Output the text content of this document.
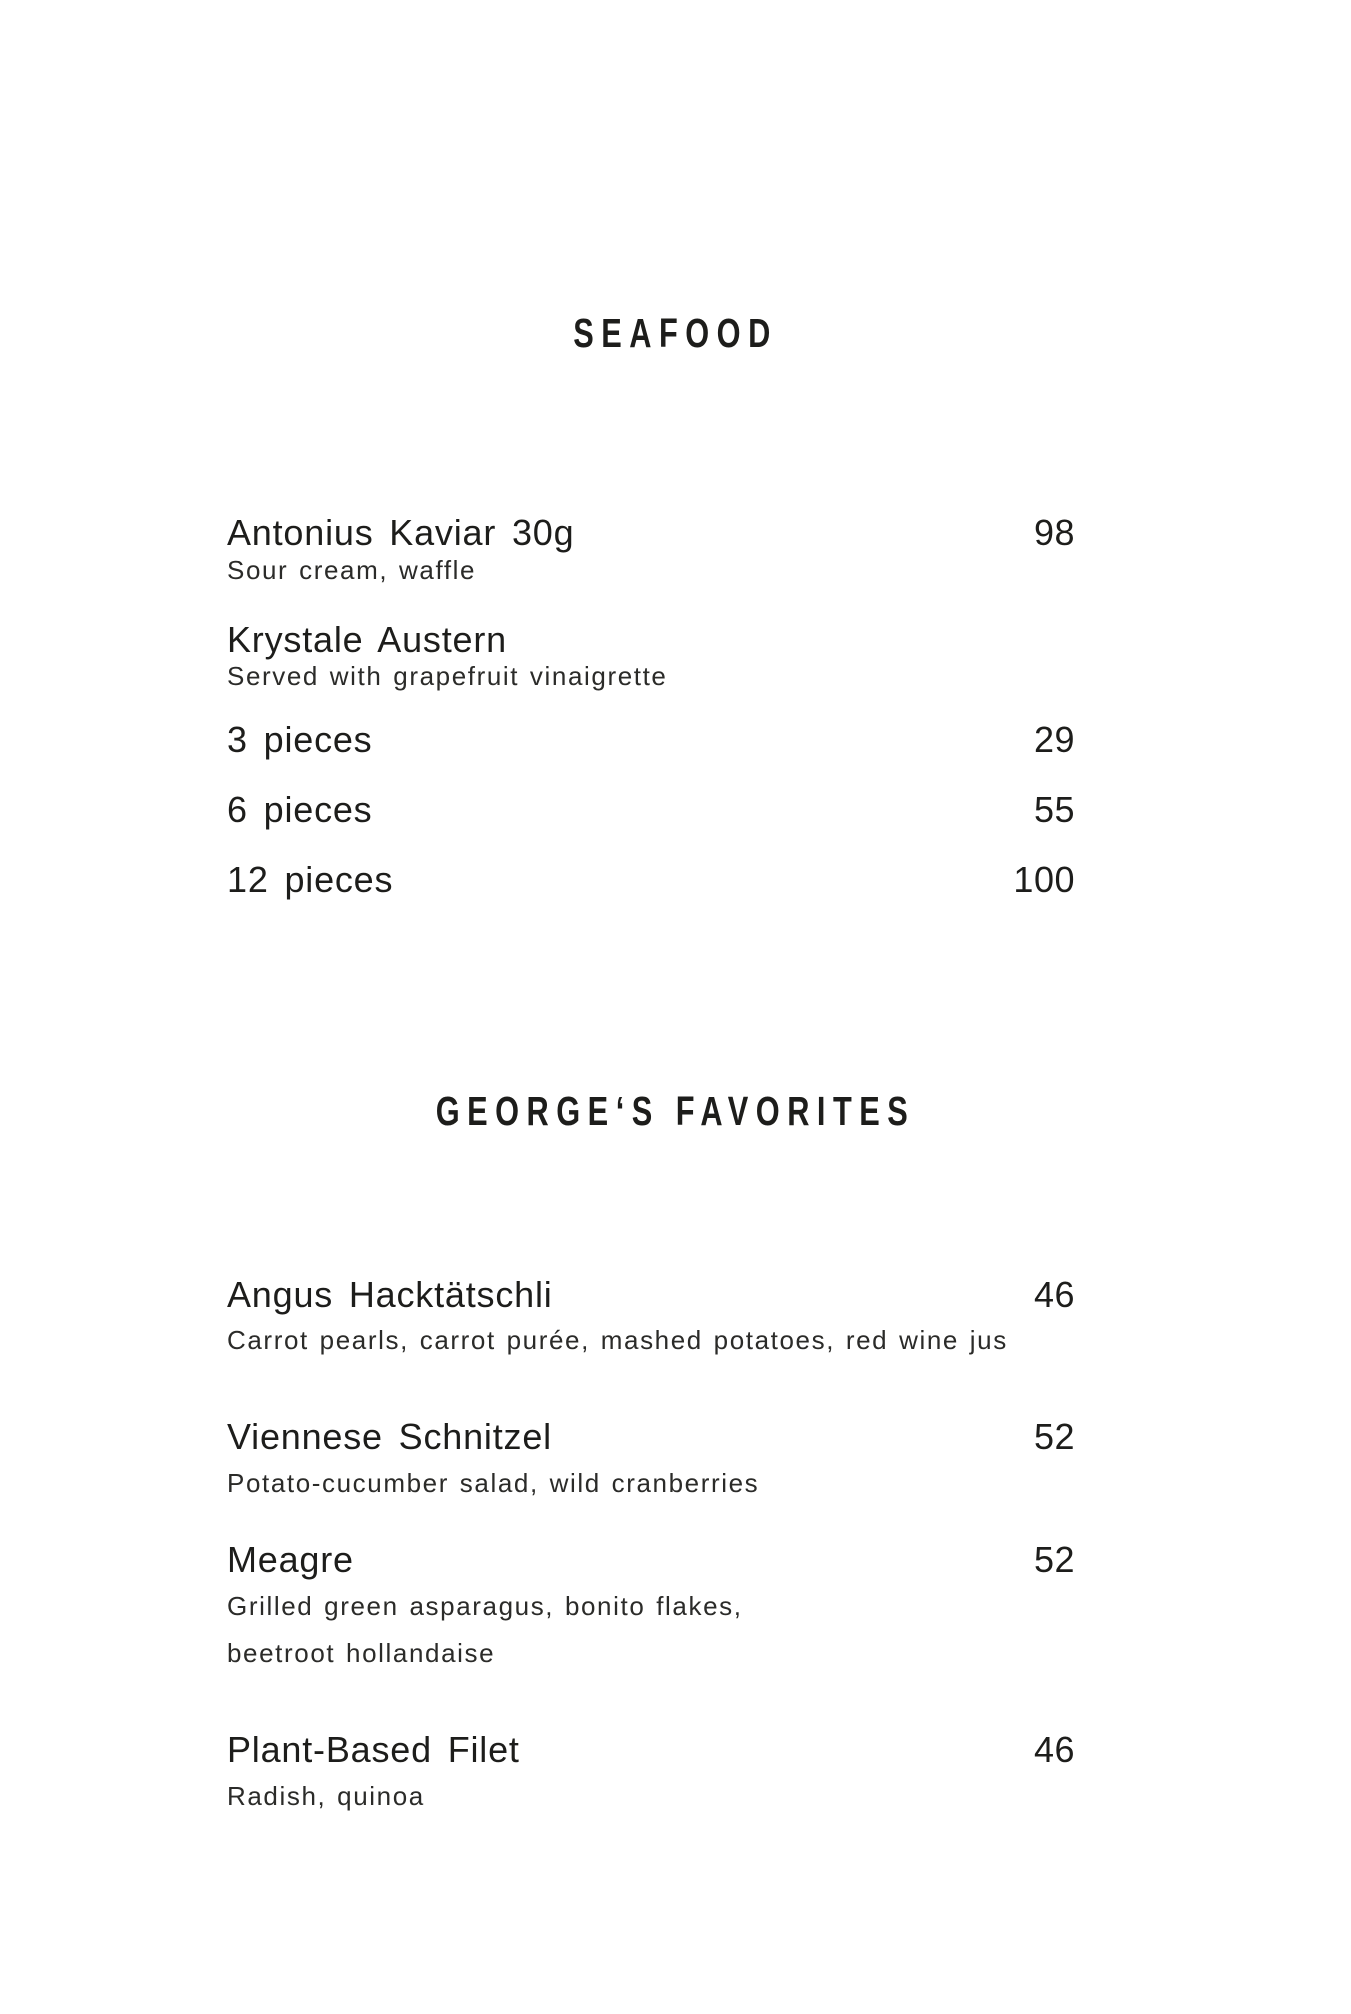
SEAFOOD
Antonius Kaviar 30g	98
Sour cream, waffle
Krystale Austern
Served with grapefruit vinaigrette
3 pieces	29
6 pieces	55
12 pieces	100
GEORGE‘S FAVORITES
Angus Hacktätschli	46
Carrot pearls, carrot purée, mashed potatoes, red wine jus
Viennese Schnitzel	52
Potato-cucumber salad, wild cranberries
Meagre	52
Grilled green asparagus, bonito flakes,
beetroot hollandaise
Plant-Based Filet	46
Radish, quinoa
